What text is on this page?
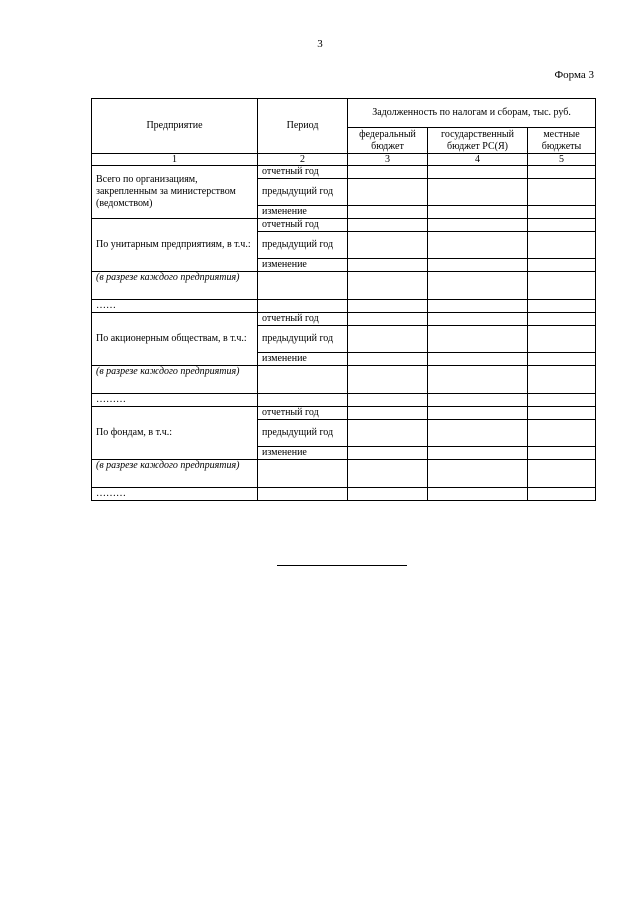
3
Форма 3
Предприятие	Период	Задолженность по налогам и сборам, тыс. руб.		
		федеральный бюджет	государственный бюджет РС(Я)	местные бюджеты
1	2	3	4	5
Всего по организациям, закрепленным за министерством (ведомством)	отчетный год			
	предыдущий год			
	изменение			
По унитарным предприятиям, в т.ч.:	отчетный год			
	предыдущий год			
	изменение			
(в разрезе каждого предприятия)				
……				
По акционерным обществам, в т.ч.:	отчетный год			
	предыдущий год			
	изменение			
(в разрезе каждого предприятия)				
………				
По фондам, в т.ч.:	отчетный год			
	предыдущий год			
	изменение			
(в разрезе каждого предприятия)				
………				
